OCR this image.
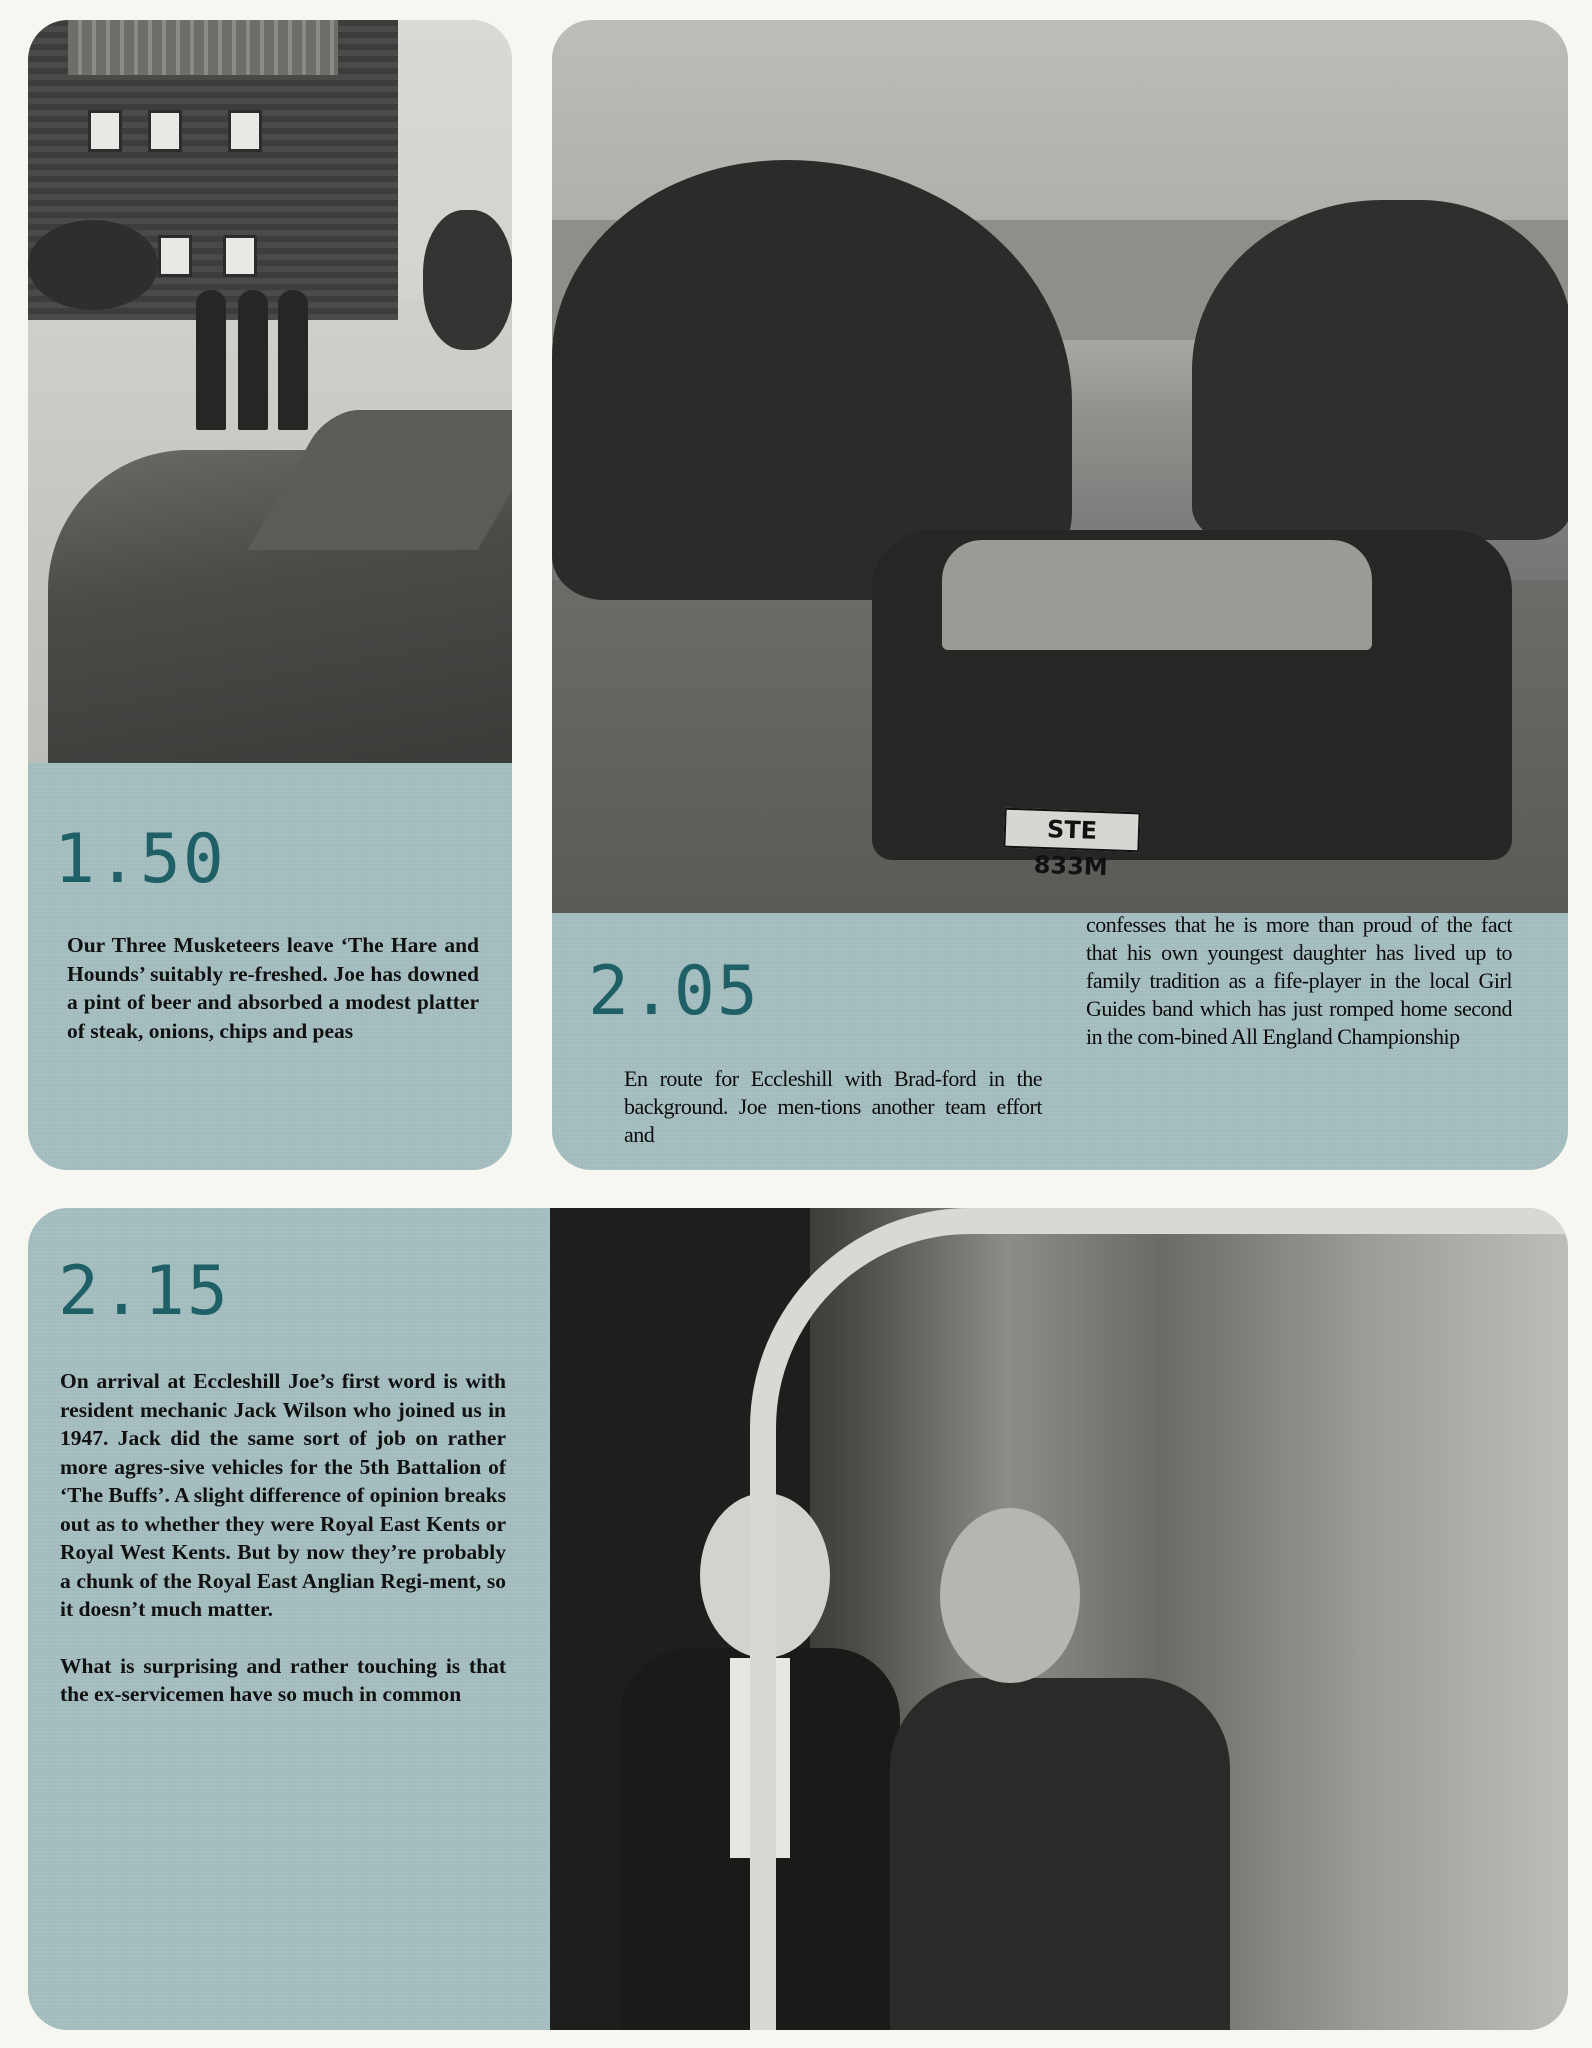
1.50
Our Three Musketeers leave ‘The Hare and Hounds’ suitably re-freshed. Joe has downed a pint of beer and absorbed a modest platter of steak, onions, chips and peas
STE 833M
2.05
En route for Eccleshill with Brad-ford in the background. Joe men-tions another team effort and
confesses that he is more than proud of the fact that his own youngest daughter has lived up to family tradition as a fife-player in the local Girl Guides band which has just romped home second in the com-bined All England Championship
2.15

On arrival at Eccleshill Joe’s first word is with resident mechanic Jack Wilson who joined us in 1947. Jack did the same sort of job on rather more agres-sive vehicles for the 5th Battalion of ‘The Buffs’. A slight difference of opinion breaks out as to whether they were Royal East Kents or Royal West Kents. But by now they’re probably a chunk of the Royal East Anglian Regi-ment, so it doesn’t much matter.

What is surprising and rather touching is that the ex-servicemen have so much in common
